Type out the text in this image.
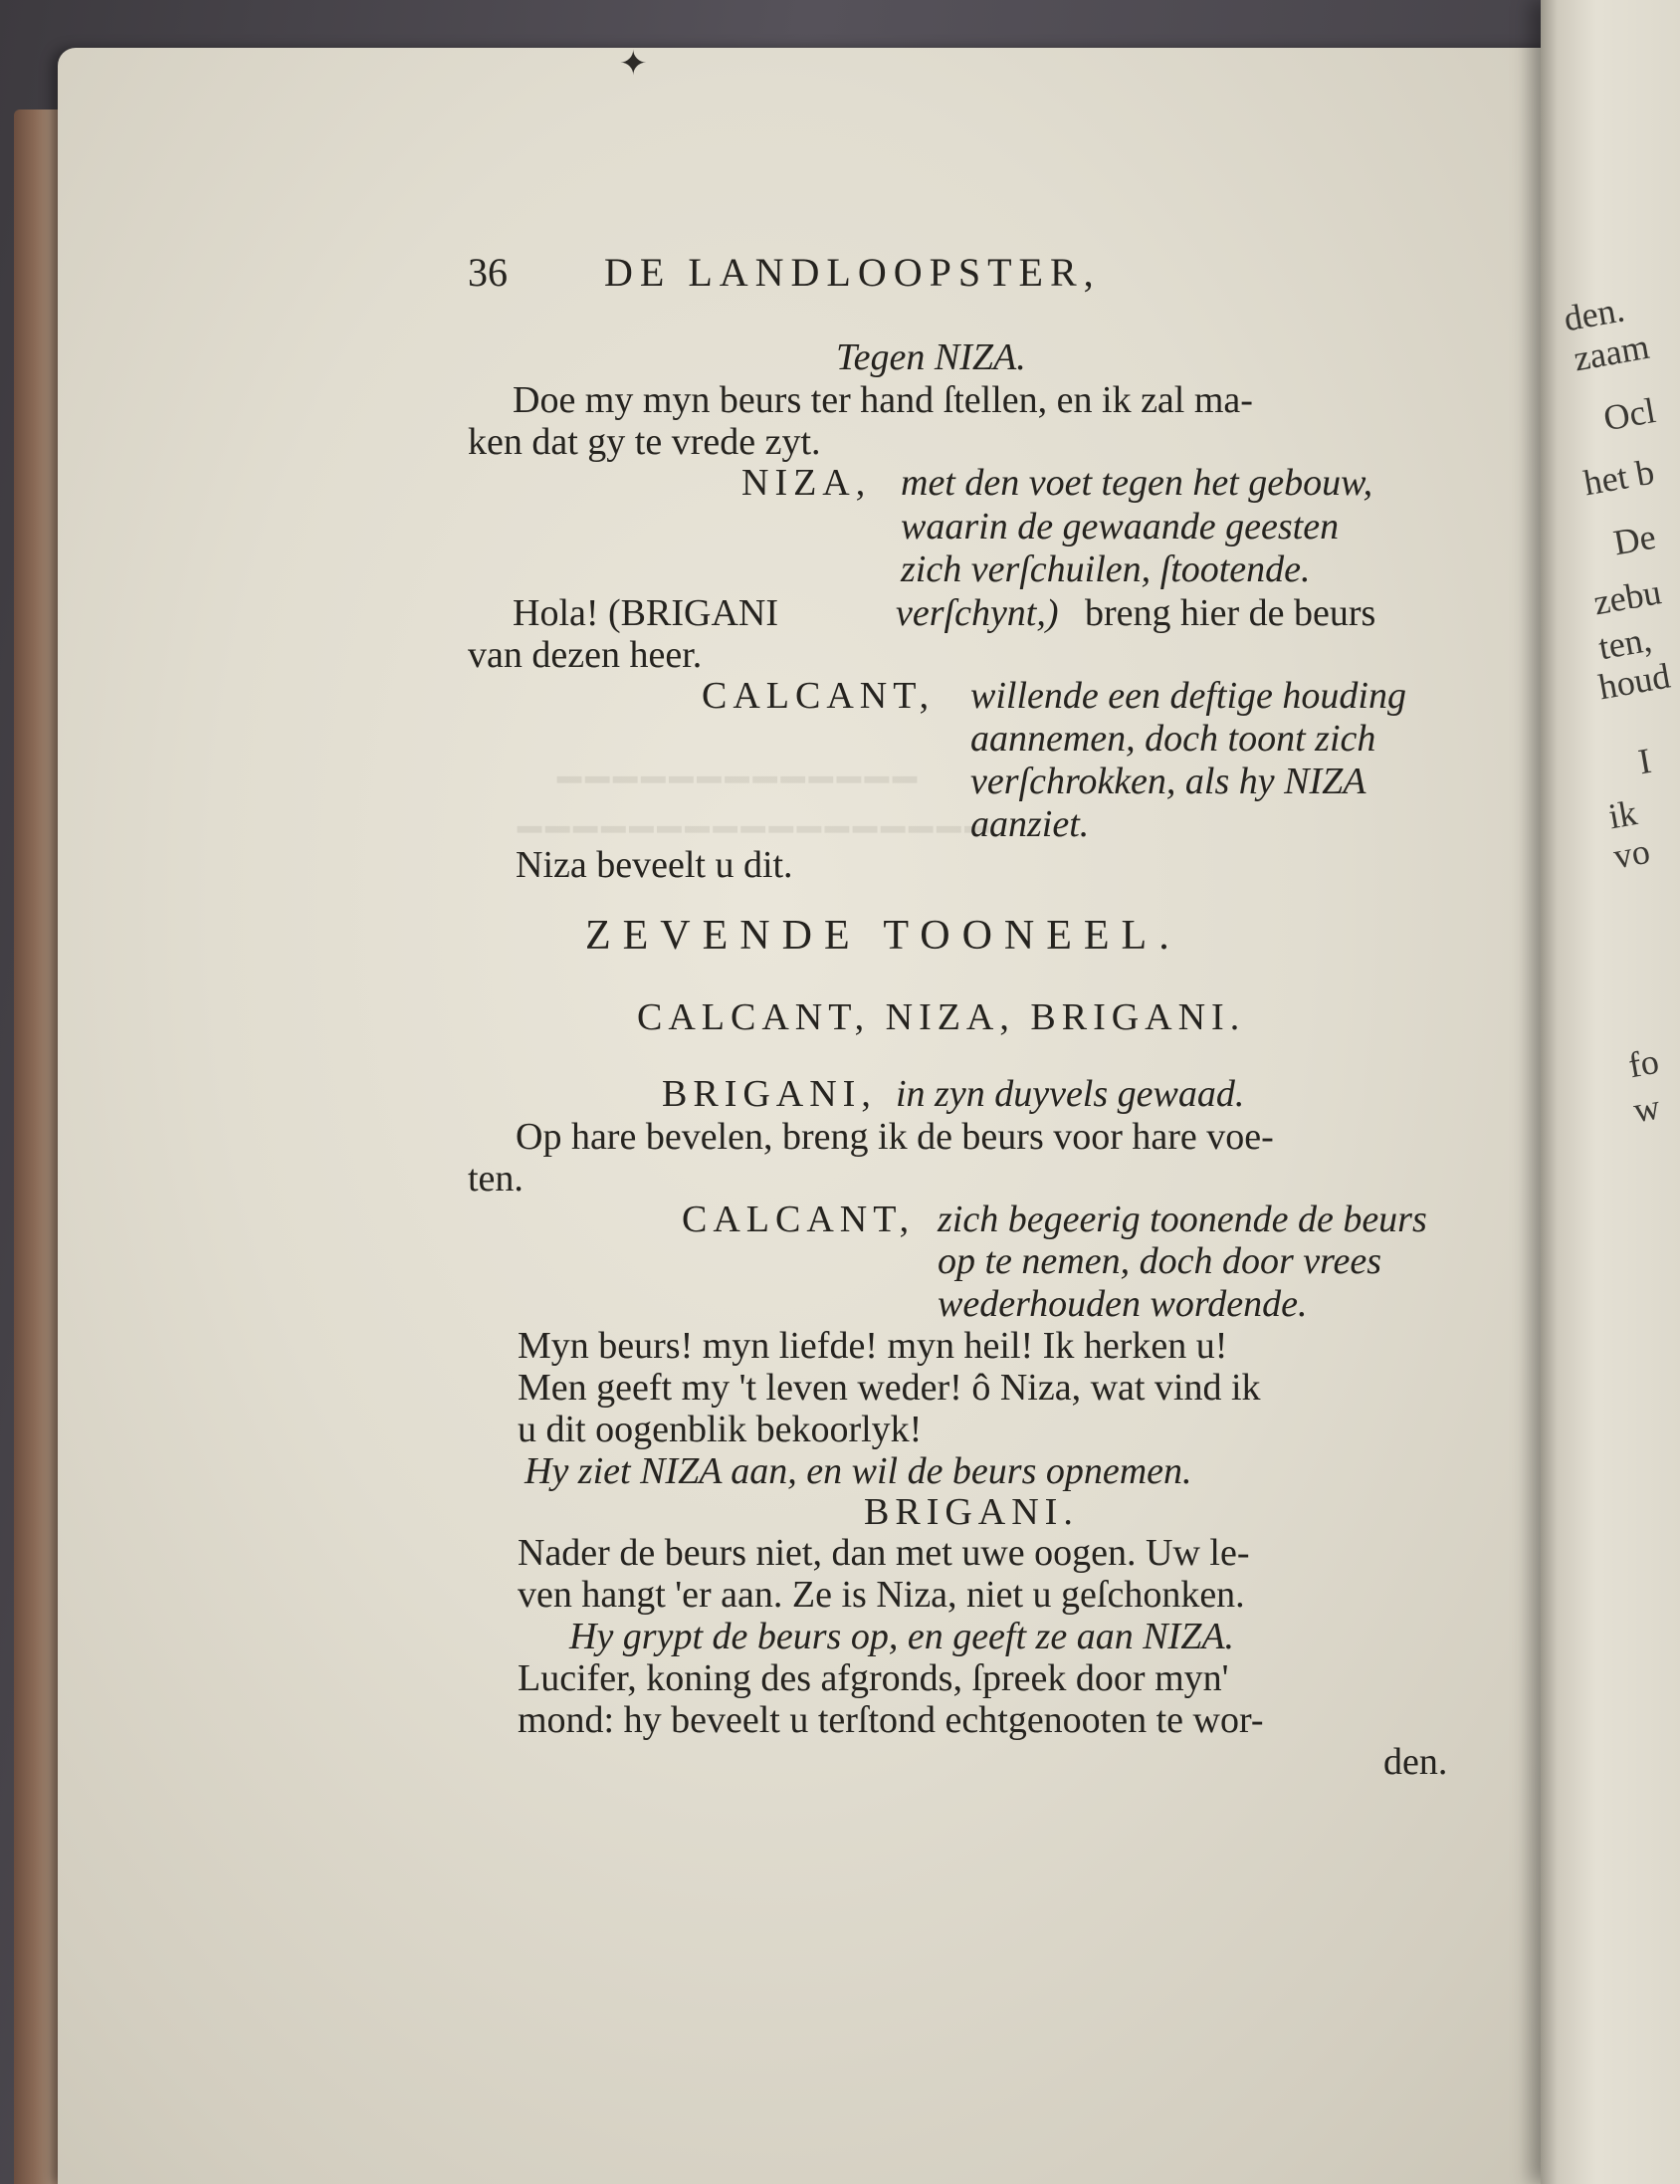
den.
zaam
Ocl
het b
De
zebu
ten,
houd
I
ik
vo
fo
w
✦
━━━━━━━━━━━━━
━━━━━━━━━━━━━━━━━
36 DE LANDLOOPSTER,
Tegen NIZA.
Doe my myn beurs ter hand ſtellen, en ik zal ma-
ken dat gy te vrede zyt.
NIZA, met den voet tegen het gebouw,
waarin de gewaande geesten
zich verſchuilen, ſtootende.
Hola! (BRIGANI	verſchynt,) breng hier de beurs
van dezen heer.
CALCANT, willende een deftige houding
aannemen, doch toont zich
verſchrokken, als hy NIZA
aanziet.
Niza beveelt u dit.
ZEVENDE TOONEEL.
CALCANT, NIZA, BRIGANI.
BRIGANI, in zyn duyvels gewaad.
Op hare bevelen, breng ik de beurs voor hare voe-
ten.
CALCANT, zich begeerig toonende de beurs
op te nemen, doch door vrees
wederhouden wordende.
Myn beurs! myn liefde! myn heil! Ik herken u!
Men geeft my 't leven weder! ô Niza, wat vind ik
u dit oogenblik bekoorlyk!
Hy ziet NIZA aan, en wil de beurs opnemen.
BRIGANI.
Nader de beurs niet, dan met uwe oogen. Uw le-
ven hangt 'er aan. Ze is Niza, niet u geſchonken.
Hy grypt de beurs op, en geeft ze aan NIZA.
Lucifer, koning des afgronds, ſpreek door myn'
mond: hy beveelt u terſtond echtgenooten te wor-
den.
